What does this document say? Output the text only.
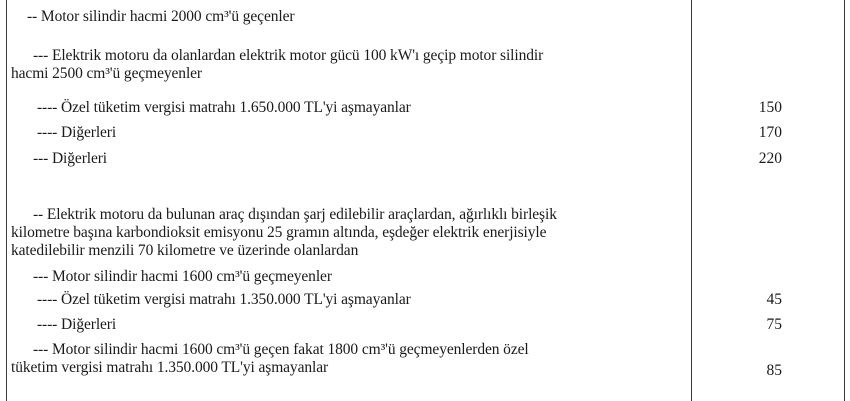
-- Motor silindir hacmi 2000 cm³'ü geçenler
--- Elektrik motoru da olanlardan elektrik motor gücü 100 kW'ı geçip motor silindir
hacmi 2500 cm³'ü geçmeyenler
---- Özel tüketim vergisi matrahı 1.650.000 TL'yi aşmayanlar	150
---- Diğerleri	170
--- Diğerleri	220
-- Elektrik motoru da bulunan araç dışından şarj edilebilir araçlardan, ağırlıklı birleşik
kilometre başına karbondioksit emisyonu 25 gramın altında, eşdeğer elektrik enerjisiyle
katedilebilir menzili 70 kilometre ve üzerinde olanlardan
--- Motor silindir hacmi 1600 cm³'ü geçmeyenler
---- Özel tüketim vergisi matrahı 1.350.000 TL'yi aşmayanlar	45
---- Diğerleri	75
--- Motor silindir hacmi 1600 cm³'ü geçen fakat 1800 cm³'ü geçmeyenlerden özel
tüketim vergisi matrahı 1.350.000 TL'yi aşmayanlar	85
